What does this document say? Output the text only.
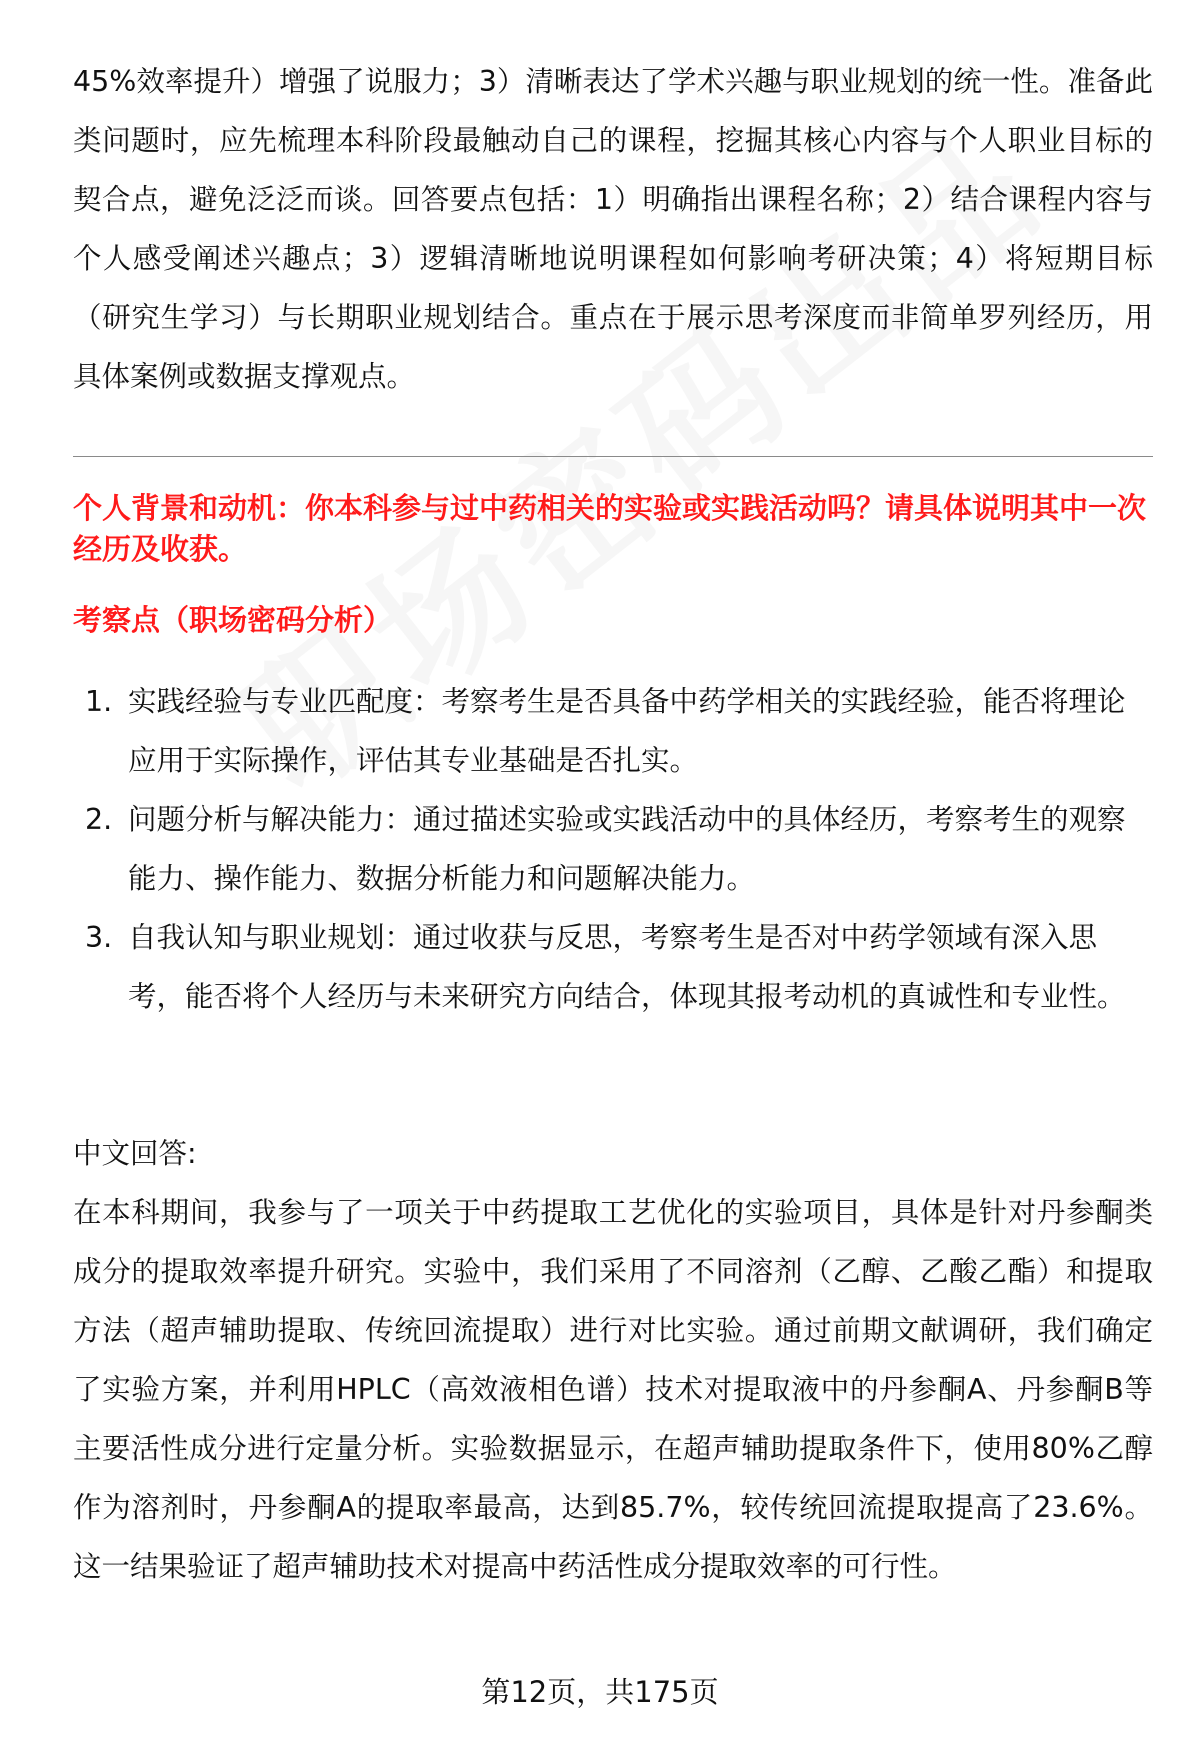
45%效率提升）增强了说服力；3）清晰表达了学术兴趣与职业规划的统一性。准备此类问题时，应先梳理本科阶段最触动自己的课程，挖掘其核心内容与个人职业目标的契合点，避免泛泛而谈。回答要点包括：1）明确指出课程名称；2）结合课程内容与个人感受阐述兴趣点；3）逻辑清晰地说明课程如何影响考研决策；4）将短期目标（研究生学习）与长期职业规划结合。重点在于展示思考深度而非简单罗列经历，用具体案例或数据支撑观点。

个人背景和动机：你本科参与过中药相关的实验或实践活动吗？请具体说明其中一次经历及收获。

考察点（职场密码分析）

1. 实践经验与专业匹配度：考察考生是否具备中药学相关的实践经验，能否将理论应用于实际操作，评估其专业基础是否扎实。
2. 问题分析与解决能力：通过描述实验或实践活动中的具体经历，考察考生的观察能力、操作能力、数据分析能力和问题解决能力。
3. 自我认知与职业规划：通过收获与反思，考察考生是否对中药学领域有深入思考，能否将个人经历与未来研究方向结合，体现其报考动机的真诚性和专业性。

中文回答:

在本科期间，我参与了一项关于中药提取工艺优化的实验项目，具体是针对丹参酮类成分的提取效率提升研究。实验中，我们采用了不同溶剂（乙醇、乙酸乙酯）和提取方法（超声辅助提取、传统回流提取）进行对比实验。通过前期文献调研，我们确定了实验方案，并利用HPLC（高效液相色谱）技术对提取液中的丹参酮A、丹参酮B等主要活性成分进行定量分析。实验数据显示，在超声辅助提取条件下，使用80%乙醇作为溶剂时，丹参酮A的提取率最高，达到85.7%，较传统回流提取提高了23.6%。这一结果验证了超声辅助技术对提高中药活性成分提取效率的可行性。

第12页，共175页
